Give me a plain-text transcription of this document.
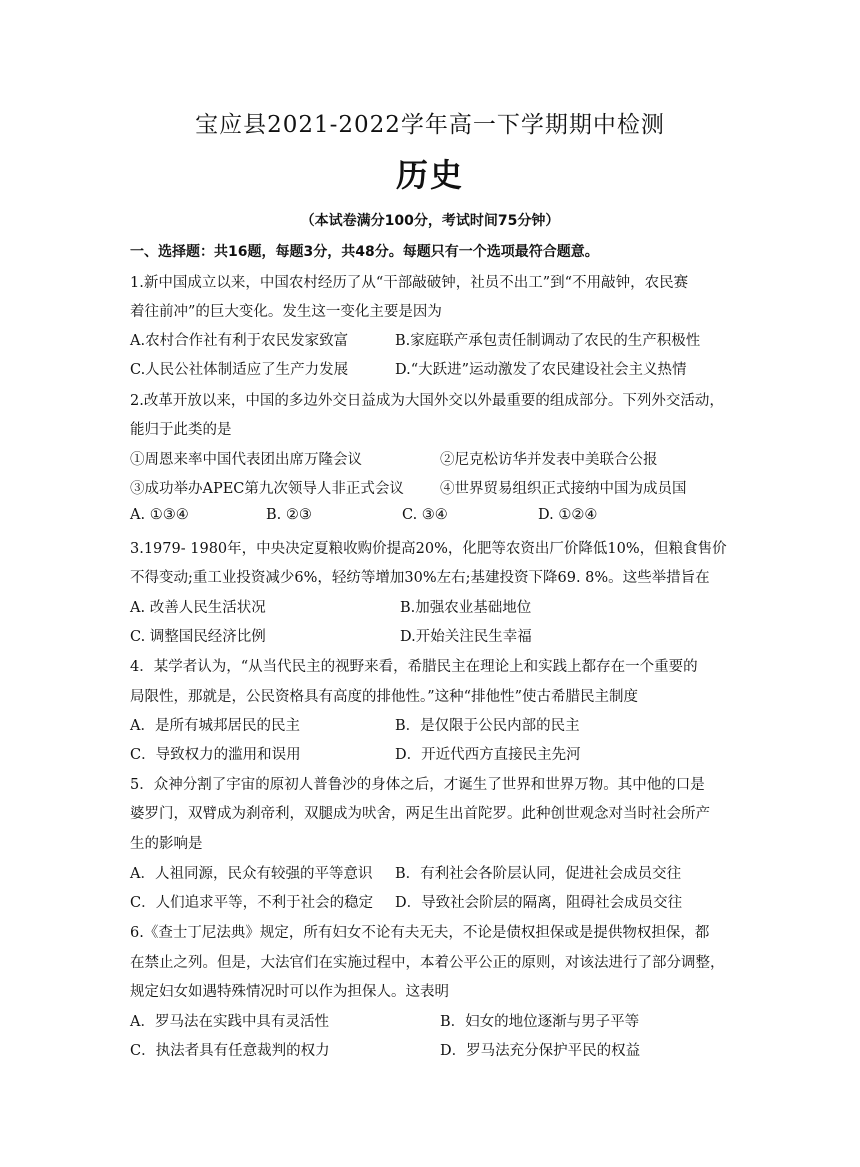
宝应县2021-2022学年高一下学期期中检测
历史
（本试卷满分100分，考试时间75分钟）
一、选择题：共16题，每题3分，共48分。每题只有一个选项最符合题意。
1.新中国成立以来，中国农村经历了从“干部敲破钟，社员不出工”到“不用敲钟，农民赛
着往前冲”的巨大变化。发生这一变化主要是因为
A.农村合作社有利于农民发家致富	B.家庭联产承包责任制调动了农民的生产积极性
C.人民公社体制适应了生产力发展	D.“大跃进”运动激发了农民建设社会主义热情
2.改革开放以来，中国的多边外交日益成为大国外交以外最重要的组成部分。下列外交活动，
能归于此类的是
①周恩来率中国代表团出席万隆会议	②尼克松访华并发表中美联合公报
③成功举办APEC第九次领导人非正式会议 ④世界贸易组织正式接纳中国为成员国
A. ①③④	B. ②③	C. ③④	D. ①②④
3.1979- 1980年，中央决定夏粮收购价提高20%，化肥等农资出厂价降低10%，但粮食售价
不得变动;重工业投资减少6%，轻纺等增加30%左右;基建投资下降69. 8%。这些举措旨在
A. 改善人民生活状况	B.加强农业基础地位
C. 调整国民经济比例	D.开始关注民生幸福
4．某学者认为，“从当代民主的视野来看，希腊民主在理论上和实践上都存在一个重要的
局限性，那就是，公民资格具有高度的排他性。”这种“排他性”使古希腊民主制度
A．是所有城邦居民的民主	B．是仅限于公民内部的民主
C．导致权力的滥用和误用	D．开近代西方直接民主先河
5．众神分割了宇宙的原初人普鲁沙的身体之后，才诞生了世界和世界万物。其中他的口是
婆罗门，双臂成为刹帝利，双腿成为吠舍，两足生出首陀罗。此种创世观念对当时社会所产
生的影响是
A．人祖同源，民众有较强的平等意识 B．有利社会各阶层认同，促进社会成员交往
C．人们追求平等，不利于社会的稳定 D．导致社会阶层的隔离，阻碍社会成员交往
6.《查士丁尼法典》规定，所有妇女不论有夫无夫，不论是债权担保或是提供物权担保，都
在禁止之列。但是，大法官们在实施过程中，本着公平公正的原则，对该法进行了部分调整，
规定妇女如遇特殊情况时可以作为担保人。这表明
A．罗马法在实践中具有灵活性	B．妇女的地位逐渐与男子平等
C．执法者具有任意裁判的权力	D．罗马法充分保护平民的权益
